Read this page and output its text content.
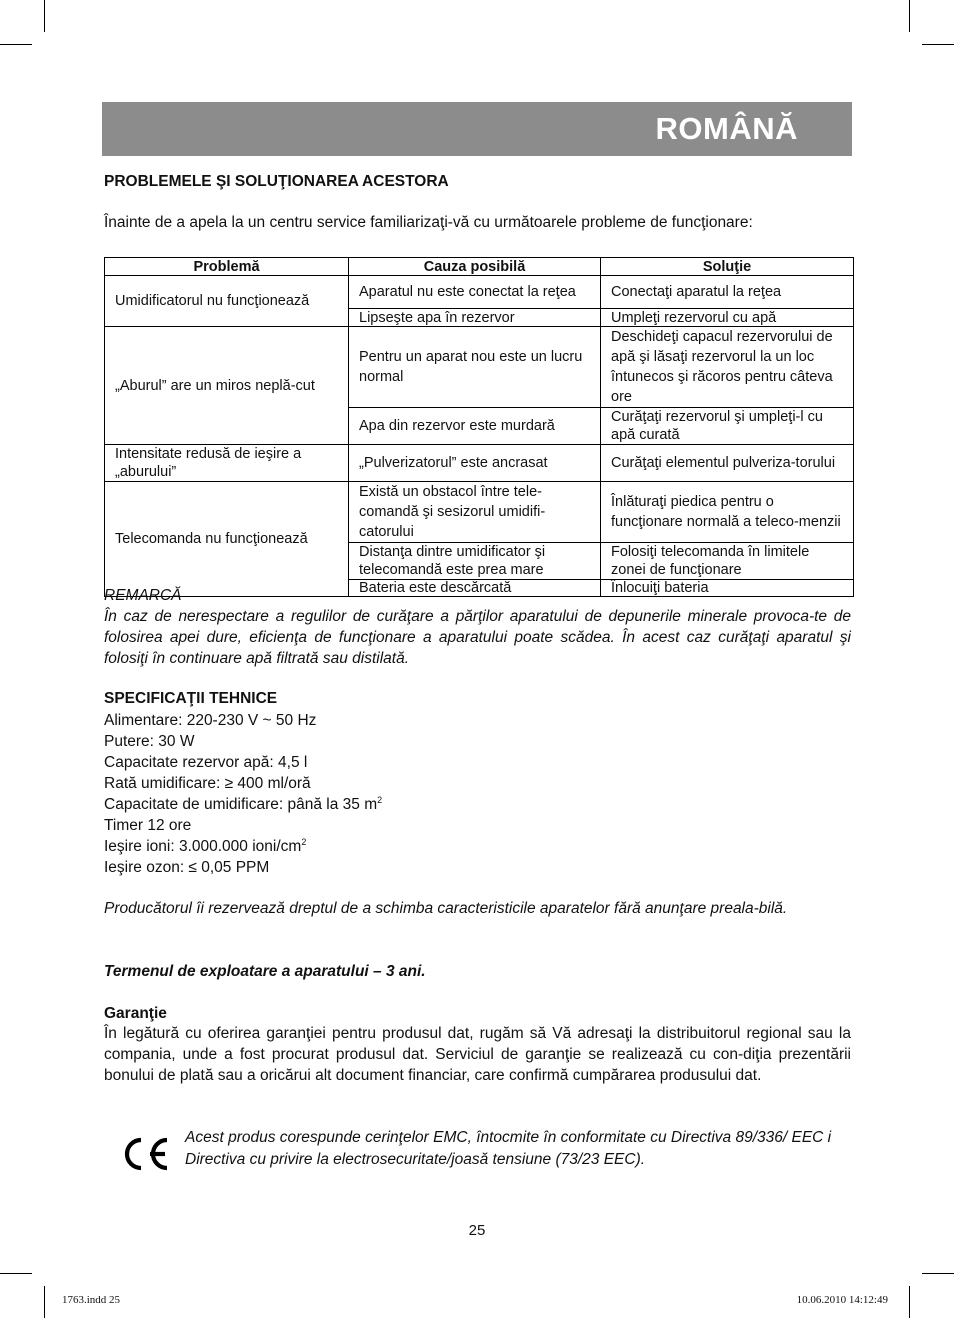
ROMÂNĂ
PROBLEMELE ŞI SOLUŢIONAREA ACESTORA
Înainte de a apela la un centru service familiarizaţi-vă cu următoarele probleme de funcţionare:
Problemă	Cauza posibilă	Soluţie
Umidificatorul nu funcţionează	Aparatul nu este conectat la reţea	Conectaţi aparatul la reţea
	Lipseşte apa în rezervor	Umpleţi rezervorul cu apă
„Aburul” are un miros neplă-cut	Pentru un aparat nou este un lucru normal	Deschideţi capacul rezervorului de apă şi lăsaţi rezervorul la un loc întunecos şi răcoros pentru câteva ore
	Apa din rezervor este murdară	Curăţaţi rezervorul şi umpleţi-l cu apă curată
Intensitate redusă de ieşire a „aburului”	„Pulverizatorul” este ancrasat	Curăţaţi elementul pulveriza-torului
Telecomanda nu funcţionează	Există un obstacol între tele-comandă şi sesizorul umidifi-catorului	Înlăturaţi piedica pentru o funcţionare normală a teleco-menzii
	Distanţa dintre umidificator şi telecomandă este prea mare	Folosiţi telecomanda în limitele zonei de funcţionare
	Bateria este descărcată	Înlocuiţi bateria
REMARCĂ
În caz de nerespectare a regulilor de curăţare a părţilor aparatului de depunerile minerale provoca-te de folosirea apei dure, eficienţa de funcţionare a aparatului poate scădea. În acest caz curăţaţi aparatul şi folosiţi în continuare apă filtrată sau distilată.
SPECIFICAŢII TEHNICE
Alimentare: 220-230 V ~ 50 Hz
Putere: 30 W
Capacitate rezervor apă: 4,5 l
Rată umidificare: ≥ 400 ml/oră
Capacitate de umidificare: până la 35 $m^2$
Timer 12 ore
Ieşire ioni: 3.000.000 ioni/$cm^2$
Ieşire ozon: ≤ 0,05 PPM
Producătorul îi rezervează dreptul de a schimba caracteristicile aparatelor fără anunţare preala-bilă.
Termenul de exploatare a aparatului – 3 ani.
Garanţie
În legătură cu oferirea garanţiei pentru produsul dat, rugăm să Vă adresaţi la distribuitorul regional sau la compania, unde a fost procurat produsul dat. Serviciul de garanţie se realizează cu con-diţia prezentării bonului de plată sau a oricărui alt document financiar, care confirmă cumpărarea produsului dat.
Acest produs corespunde cerinţelor EMC, întocmite în conformitate cu Directiva 89/336/ EEC i Directiva cu privire la electrosecuritate/joasă tensiune (73/23 EEC).
25
1763.indd 25	10.06.2010 14:12:49
